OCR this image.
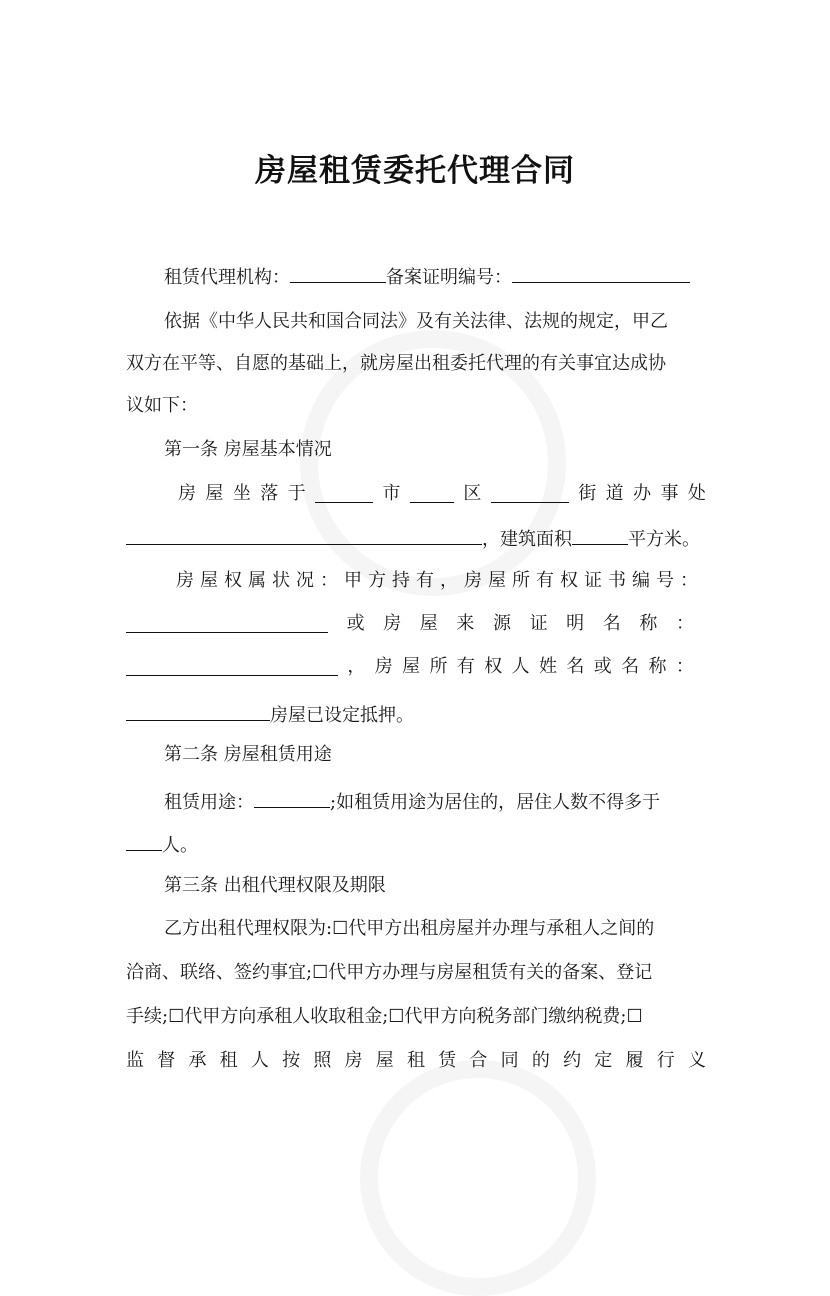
房屋租赁委托代理合同
租赁代理机构：	备案证明编号：
依据《中华人民共和国合同法》及有关法律、法规的规定，甲乙
双方在平等、自愿的基础上，就房屋出租委托代理的有关事宜达成协
议如下：
第一条 房屋基本情况
房 屋 坐 落 于	市	区	街 道 办 事 处
，建筑面积	平方米。
房 屋 权 属 状 况 ： 甲 方 持 有 ， 房 屋 所 有 权 证 书 编 号 ：
或 房 屋 来 源 证 明 名 称 ：
， 房 屋 所 有 权 人 姓 名 或 名 称 ：
房屋已设定抵押。
第二条 房屋租赁用途
租赁用途：	;如租赁用途为居住的，居住人数不得多于
人。
第三条 出租代理权限及期限
乙方出租代理权限为:☐代甲方出租房屋并办理与承租人之间的
洽商、联络、签约事宜;☐代甲方办理与房屋租赁有关的备案、登记
手续;☐代甲方向承租人收取租金;☐代甲方向税务部门缴纳税费;☐
监 督 承 租 人 按 照 房 屋 租 赁 合 同 的 约 定 履 行 义
